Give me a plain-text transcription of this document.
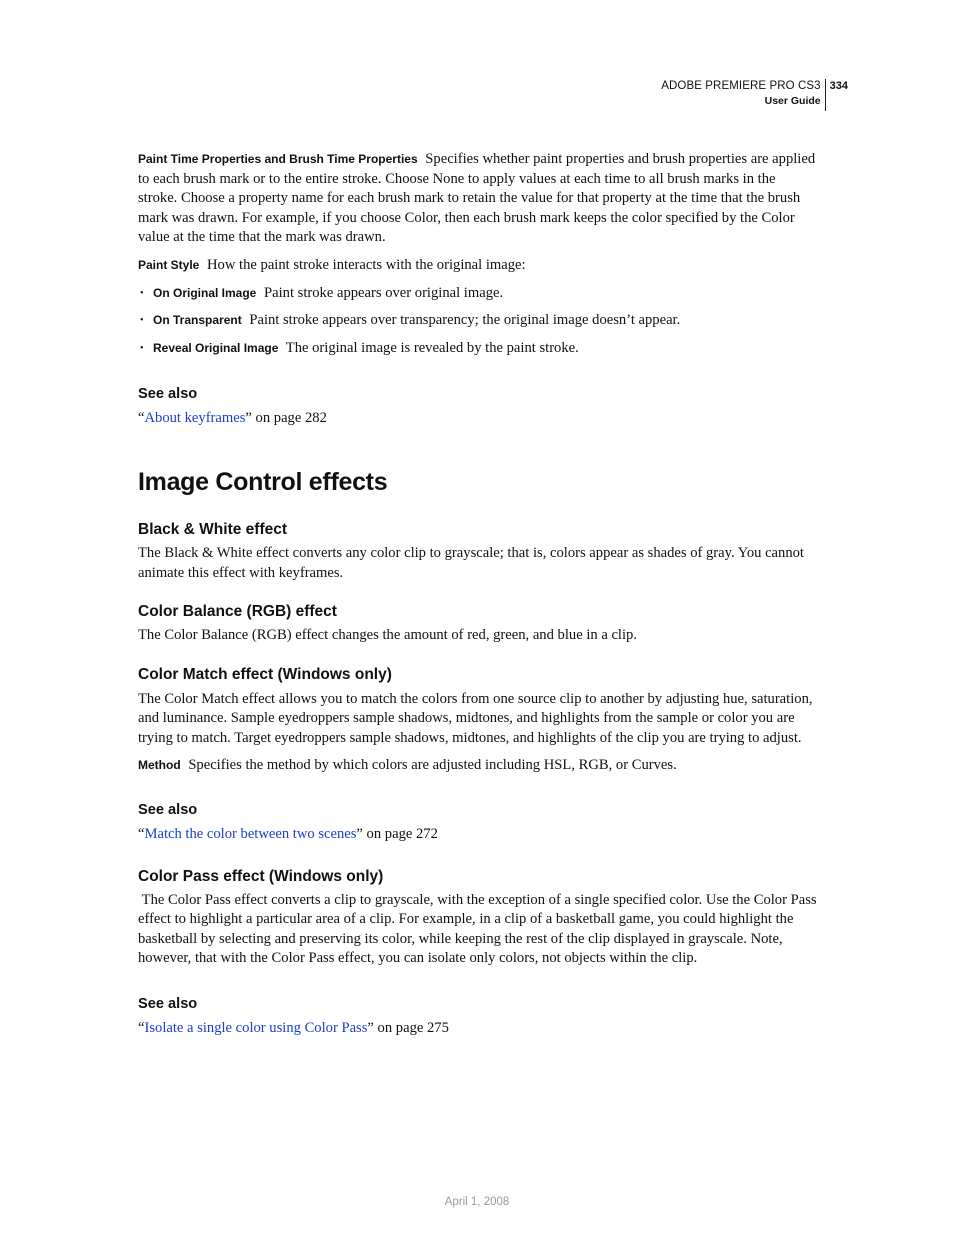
ADOBE PREMIERE PRO CS3
User Guide
334

Paint Time Properties and Brush Time Properties Specifies whether paint properties and brush properties are applied to each brush mark or to the entire stroke. Choose None to apply values at each time to all brush marks in the stroke. Choose a property name for each brush mark to retain the value for that property at the time that the brush mark was drawn. For example, if you choose Color, then each brush mark keeps the color specified by the Color value at the time that the mark was drawn.

Paint Style How the paint stroke interacts with the original image:

• On Original Image Paint stroke appears over original image.
• On Transparent Paint stroke appears over transparency; the original image doesn’t appear.
• Reveal Original Image The original image is revealed by the paint stroke.
See also

“About keyframes” on page 282

Image Control effects
Black & White effect

The Black & White effect converts any color clip to grayscale; that is, colors appear as shades of gray. You cannot animate this effect with keyframes.

Color Balance (RGB) effect

The Color Balance (RGB) effect changes the amount of red, green, and blue in a clip.

Color Match effect (Windows only)

The Color Match effect allows you to match the colors from one source clip to another by adjusting hue, saturation, and luminance. Sample eyedroppers sample shadows, midtones, and highlights from the sample or color you are trying to match. Target eyedroppers sample shadows, midtones, and highlights of the clip you are trying to adjust.

Method Specifies the method by which colors are adjusted including HSL, RGB, or Curves.

See also

“Match the color between two scenes” on page 272

Color Pass effect (Windows only)

The Color Pass effect converts a clip to grayscale, with the exception of a single specified color. Use the Color Pass effect to highlight a particular area of a clip. For example, in a clip of a basketball game, you could highlight the basketball by selecting and preserving its color, while keeping the rest of the clip displayed in grayscale. Note, however, that with the Color Pass effect, you can isolate only colors, not objects within the clip.

See also

“Isolate a single color using Color Pass” on page 275

April 1, 2008
